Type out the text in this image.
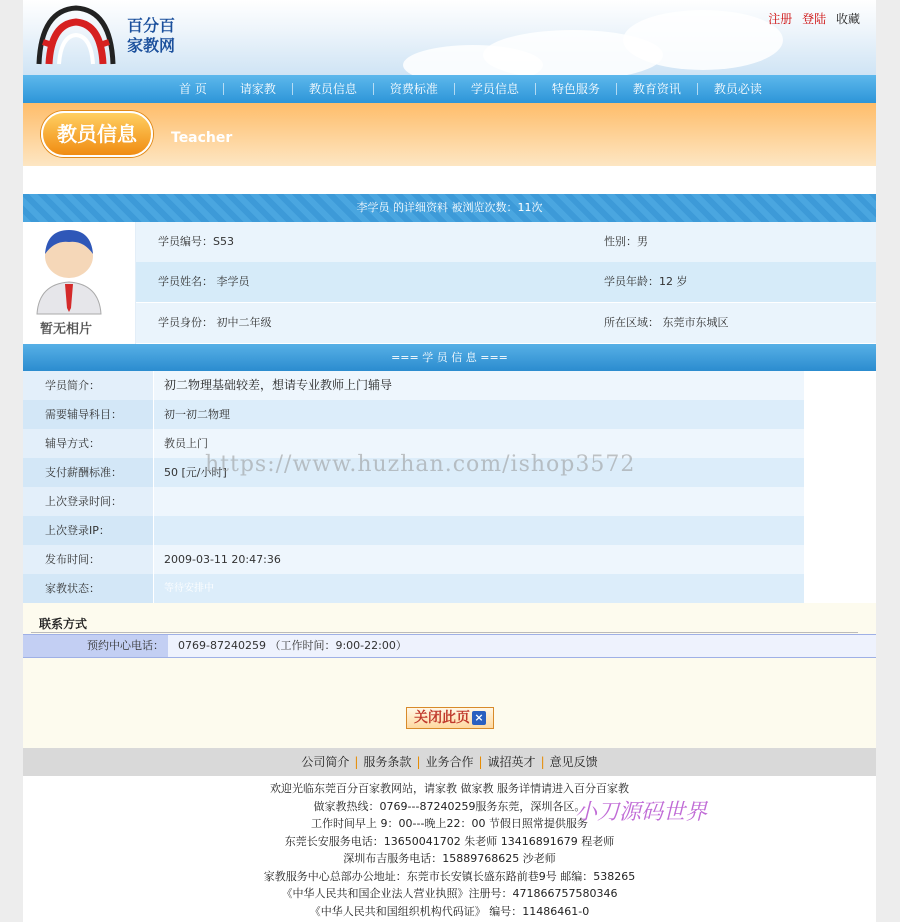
百分百
家教网
注册 登陆 收藏
首 页	请家教	教员信息	资费标准	学员信息	特色服务	教育资讯	教员必读
教员信息	Teacher
李学员 的详细资料 被浏览次数：11次
暂无相片
学员编号：S53	性别：男
学员姓名： 李学员	学员年龄：12 岁
学员身份： 初中二年级	所在区域： 东莞市东城区
=== 学 员 信 息 ===
学员简介：	初二物理基础较差，想请专业教师上门辅导
需要辅导科目：	初一初二物理
辅导方式：	教员上门
支付薪酬标准：	50 [元/小时]
上次登录时间：
上次登录IP：
发布时间：	2009-03-11 20:47:36
家教状态：	等待安排中
联系方式
预约中心电话：	0769-87240259 （工作时间：9:00-22:00）
关闭此页 ×
公司简介 | 服务条款 | 业务合作 | 诚招英才 | 意见反馈
欢迎光临东莞百分百家教网站，请家教 做家教 服务详情请进入百分百家教
做家教热线：0769---87240259服务东莞，深圳各区。
工作时间早上 9：00---晚上22：00 节假日照常提供服务
东莞长安服务电话：13650041702 朱老师 13416891679 程老师
深圳布吉服务电话：15889768625 沙老师
家教服务中心总部办公地址：东莞市长安镇长盛东路前巷9号 邮编：538265
《中华人民共和国企业法人营业执照》注册号：471866757580346
《中华人民共和国组织机构代码证》 编号：11486461-0
小刀源码世界
https://www.huzhan.com/ishop3572
